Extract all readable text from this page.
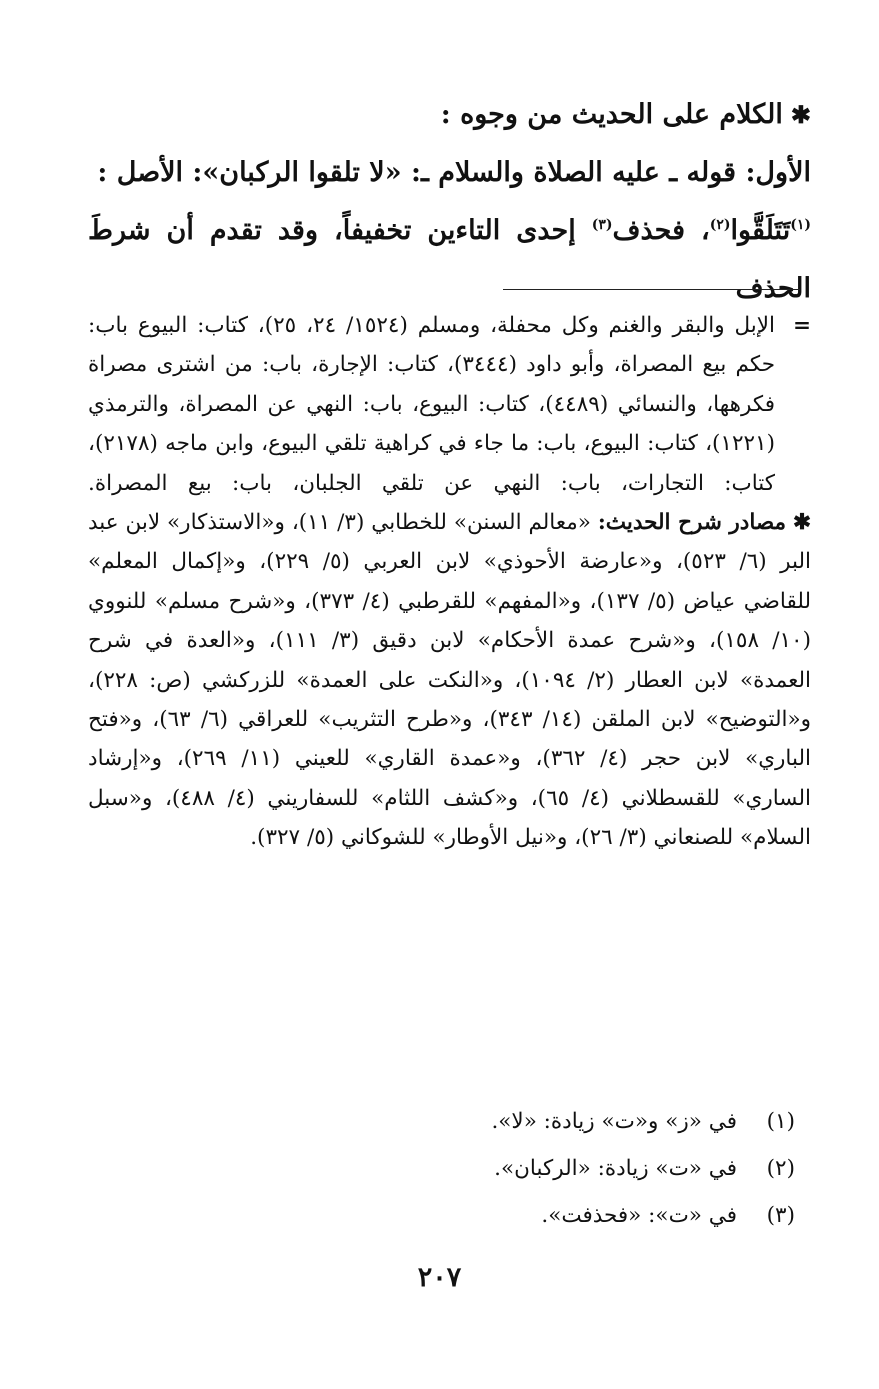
✱
الكلام على الحديث من وجوه :

الأول: قوله ـ عليه الصلاة والسلام ـ: «لا تلقوا الركبان»: الأصل :

$^{(١)}$تَتَلَقَّوا$^{(٢)}$، فحذف$^{(٣)}$ إحدى التاءين تخفيفاً، وقد تقدم أن شرطَ الحذف

=
الإبل والبقر والغنم وكل محفلة، ومسلم (١٥٢٤/ ٢٤، ٢٥)، كتاب: البيوع باب: حكم بيع المصراة، وأبو داود (٣٤٤٤)، كتاب: الإجارة، باب: من اشترى مصراة فكرهها، والنسائي (٤٤٨٩)، كتاب: البيوع، باب: النهي عن المصراة، والترمذي (١٢٢١)، كتاب: البيوع، باب: ما جاء في كراهية تلقي البيوع، وابن ماجه (٢١٧٨)، كتاب: التجارات، باب: النهي عن تلقي الجلبان، باب: بيع المصراة.

✱ مصادر شرح الحديث: «معالم السنن» للخطابي (٣/ ١١)، و«الاستذكار» لابن عبد البر (٦/ ٥٢٣)، و«عارضة الأحوذي» لابن العربي (٥/ ٢٢٩)، و«إكمال المعلم» للقاضي عياض (٥/ ١٣٧)، و«المفهم» للقرطبي (٤/ ٣٧٣)، و«شرح مسلم» للنووي (١٠/ ١٥٨)، و«شرح عمدة الأحكام» لابن دقيق (٣/ ١١١)، و«العدة في شرح العمدة» لابن العطار (٢/ ١٠٩٤)، و«النكت على العمدة» للزركشي (ص: ٢٢٨)، و«التوضيح» لابن الملقن (١٤/ ٣٤٣)، و«طرح التثريب» للعراقي (٦/ ٦٣)، و«فتح الباري» لابن حجر (٤/ ٣٦٢)، و«عمدة القاري» للعيني (١١/ ٢٦٩)، و«إرشاد الساري» للقسطلاني (٤/ ٦٥)، و«كشف اللثام» للسفاريني (٤/ ٤٨٨)، و«سبل السلام» للصنعاني (٣/ ٢٦)، و«نيل الأوطار» للشوكاني (٥/ ٣٢٧).

(١)
في «ز» و«ت» زيادة: «لا».
(٢)
في «ت» زيادة: «الركبان».
(٣)
في «ت»: «فحذفت».
٢٠٧
